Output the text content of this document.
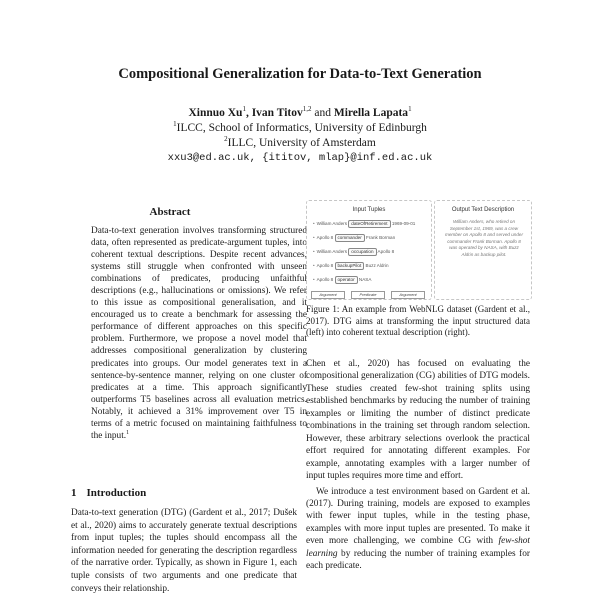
Compositional Generalization for Data-to-Text Generation
Xinnuo Xu$^1$, Ivan Titov$^{1,2}$ and Mirella Lapata$^1$
$^1$ILCC, School of Informatics, University of Edinburgh
$^2$ILLC, University of Amsterdam
xxu3@ed.ac.uk, {ititov, mlap}@inf.ed.ac.uk
Abstract
Data-to-text generation involves transforming structured data, often represented as predicate-argument tuples, into coherent textual descriptions. Despite recent advances, systems still struggle when confronted with unseen combinations of predicates, producing unfaithful descriptions (e.g., hallucinations or omissions). We refer to this issue as compositional generalisation, and it encouraged us to create a benchmark for assessing the performance of different approaches on this specific problem. Furthermore, we propose a novel model that addresses compositional generalization by clustering predicates into groups. Our model generates text in a sentence-by-sentence manner, relying on one cluster of predicates at a time. This approach significantly outperforms T5 baselines across all evaluation metrics. Notably, it achieved a 31% improvement over T5 in terms of a metric focused on maintaining faithfulness to the input.$^1$
1 Introduction
Data-to-text generation (DTG) (Gardent et al., 2017; Dušek et al., 2020) aims to accurately generate textual descriptions from input tuples; the tuples should encompass all the information needed for generating the description regardless of the narrative order. Typically, as shown in Figure 1, each tuple consists of two arguments and one predicate that conveys their relationship.
Input Tuples
• William Anders dateOfRetirement 1969-09-01
• Apollo 8 commander Frank Borman
• William Anders occupation Apollo 8
• Apollo 8 backupPilot Buzz Aldrin
• Apollo 8 operator NASA
Argument	Predicate	Argument
Output Text Description
William Anders, who retired on September 1st, 1969, was a crew member on Apollo 8 and served under commander Frank Borman. Apollo 8 was operated by NASA, with Buzz Aldrin as backup pilot.
Figure 1: An example from WebNLG dataset (Gardent et al., 2017). DTG aims at transforming the input structured data (left) into coherent textual description (right).

Chen et al., 2020) has focused on evaluating the compositional generalization (CG) abilities of DTG models. These studies created few-shot training splits using established benchmarks by reducing the number of training examples or limiting the number of distinct predicate combinations in the training set through random selection. However, these arbitrary selections overlook the practical effort required for annotating different examples. For example, annotating examples with a larger number of input tuples requires more time and effort.

We introduce a test environment based on Gardent et al. (2017). During training, models are exposed to examples with fewer input tuples, while in the testing phase, examples with more input tuples are presented. To make it even more challenging, we combine CG with few-shot learning by reducing the number of training examples for each predicate.
